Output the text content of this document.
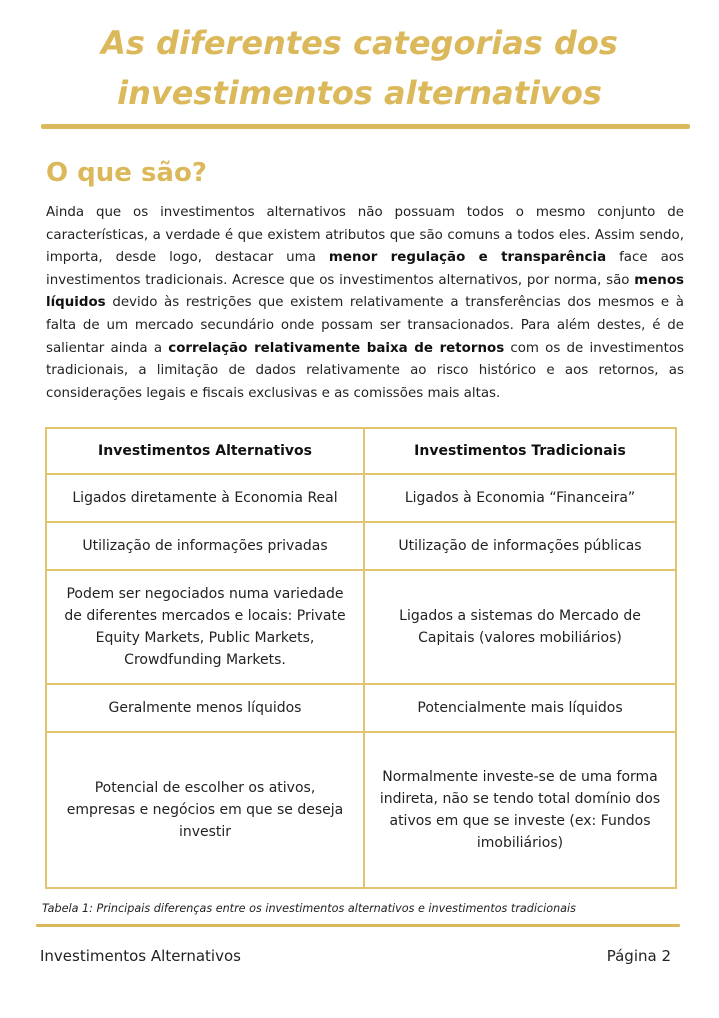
As diferentes categorias dos
investimentos alternativos
O que são?

Ainda que os investimentos alternativos não possuam todos o mesmo conjunto de características, a verdade é que existem atributos que são comuns a todos eles. Assim sendo, importa, desde logo, destacar uma menor regulação e transparência face aos investimentos tradicionais. Acresce que os investimentos alternativos, por norma, são menos líquidos devido às restrições que existem relativamente a transferências dos mesmos e à falta de um mercado secundário onde possam ser transacionados. Para além destes, é de salientar ainda a correlação relativamente baixa de retornos com os de investimentos tradicionais, a limitação de dados relativamente ao risco histórico e aos retornos, as considerações legais e fiscais exclusivas e as comissões mais altas.

Investimentos Alternativos	Investimentos Tradicionais
Ligados diretamente à Economia Real	Ligados à Economia “Financeira”
Utilização de informações privadas	Utilização de informações públicas
Podem ser negociados numa variedade de diferentes mercados e locais: Private Equity Markets, Public Markets, Crowdfunding Markets.	Ligados a sistemas do Mercado de Capitais (valores mobiliários)
Geralmente menos líquidos	Potencialmente mais líquidos
Potencial de escolher os ativos, empresas e negócios em que se deseja investir	Normalmente investe-se de uma forma indireta, não se tendo total domínio dos ativos em que se investe (ex: Fundos imobiliários)

Tabela 1: Principais diferenças entre os investimentos alternativos e investimentos tradicionais

Investimentos Alternativos	Página 2
